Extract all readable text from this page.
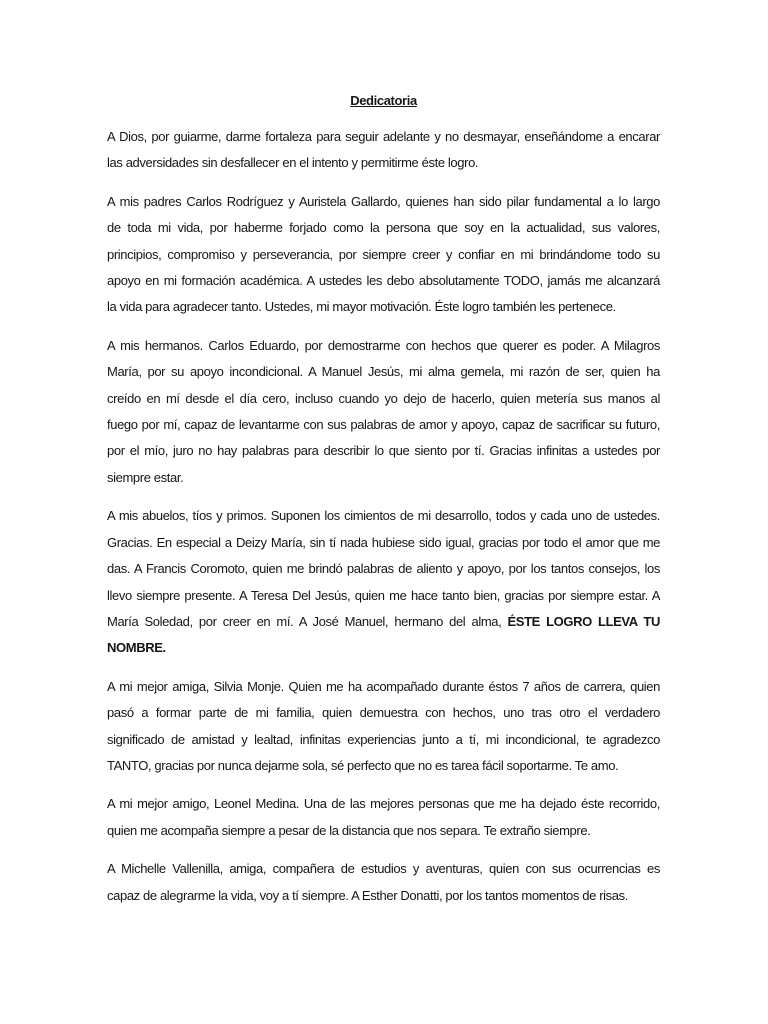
Dedicatoria
A Dios, por guiarme, darme fortaleza para seguir adelante y no desmayar, enseñándome a encarar
las adversidades sin desfallecer en el intento y permitirme éste logro.
A mis padres Carlos Rodríguez y Auristela Gallardo, quienes han sido pilar fundamental a lo largo
de toda mi vida, por haberme forjado como la persona que soy en la actualidad, sus valores,
principios, compromiso y perseverancia, por siempre creer y confiar en mi brindándome todo su
apoyo en mi formación académica. A ustedes les debo absolutamente TODO, jamás me alcanzará
la vida para agradecer tanto. Ustedes, mi mayor motivación. Éste logro también les pertenece.
A mis hermanos. Carlos Eduardo, por demostrarme con hechos que querer es poder. A Milagros
María, por su apoyo incondicional. A Manuel Jesús, mi alma gemela, mi razón de ser, quien ha
creído en mí desde el día cero, incluso cuando yo dejo de hacerlo, quien metería sus manos al
fuego por mí, capaz de levantarme con sus palabras de amor y apoyo, capaz de sacrificar su futuro,
por el mío, juro no hay palabras para describir lo que siento por tí. Gracias infinitas a ustedes por
siempre estar.
A mis abuelos, tíos y primos. Suponen los cimientos de mi desarrollo, todos y cada uno de ustedes.
Gracias. En especial a Deizy María, sin tí nada hubiese sido igual, gracias por todo el amor que me
das. A Francis Coromoto, quien me brindó palabras de aliento y apoyo, por los tantos consejos, los
llevo siempre presente. A Teresa Del Jesús, quien me hace tanto bien, gracias por siempre estar. A
María Soledad, por creer en mí. A José Manuel, hermano del alma, ÉSTE LOGRO LLEVA TU
NOMBRE.
A mi mejor amiga, Silvia Monje. Quien me ha acompañado durante éstos 7 años de carrera, quien
pasó a formar parte de mi familia, quien demuestra con hechos, uno tras otro el verdadero
significado de amistad y lealtad, infinitas experiencias junto a tí, mi incondicional, te agradezco
TANTO, gracias por nunca dejarme sola, sé perfecto que no es tarea fácil soportarme. Te amo.
A mi mejor amigo, Leonel Medina. Una de las mejores personas que me ha dejado éste recorrido,
quien me acompaña siempre a pesar de la distancia que nos separa. Te extraño siempre.
A Michelle Vallenilla, amiga, compañera de estudios y aventuras, quien con sus ocurrencias es
capaz de alegrarme la vida, voy a tí siempre. A Esther Donatti, por los tantos momentos de risas.
